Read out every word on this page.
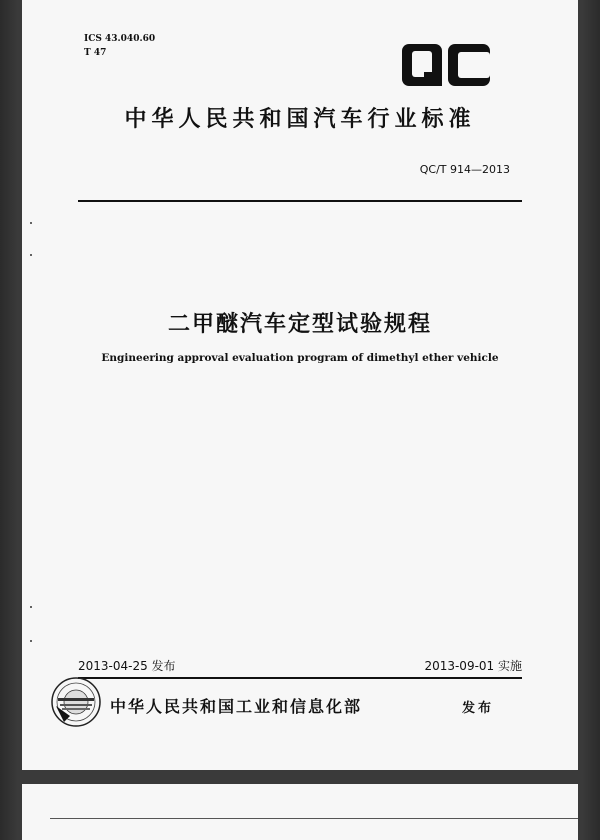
ICS 43.040.60
T 47
中华人民共和国汽车行业标准
QC/T 914—2013
二甲醚汽车定型试验规程
Engineering approval evaluation program of dimethyl ether vehicle
2013-04-25 发布	2013-09-01 实施
中华人民共和国工业和信息化部	发布
